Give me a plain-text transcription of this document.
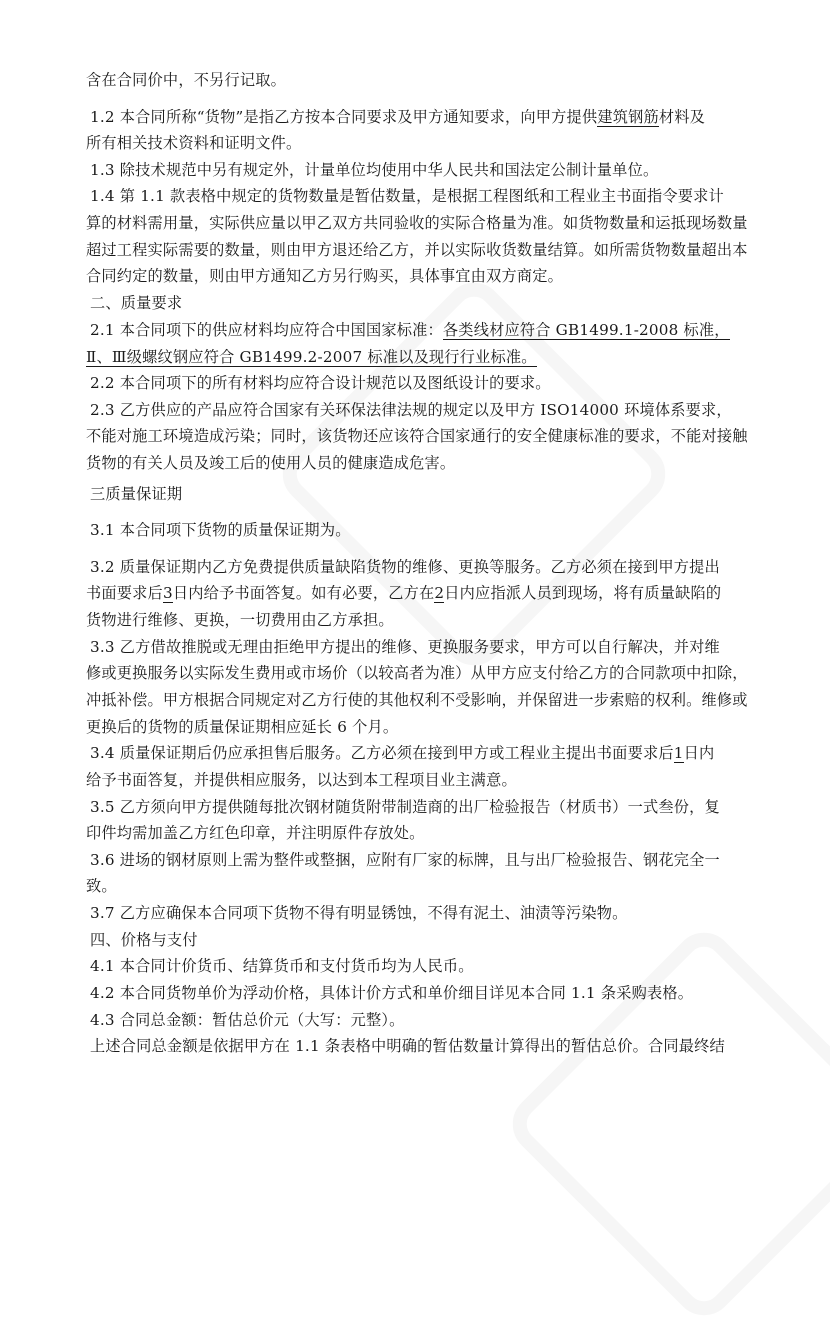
含在合同价中，不另行记取。
1.2 本合同所称“货物”是指乙方按本合同要求及甲方通知要求，向甲方提供建筑钢筋材料及
所有相关技术资料和证明文件。
1.3 除技术规范中另有规定外，计量单位均使用中华人民共和国法定公制计量单位。
1.4 第 1.1 款表格中规定的货物数量是暂估数量，是根据工程图纸和工程业主书面指令要求计
算的材料需用量，实际供应量以甲乙双方共同验收的实际合格量为准。如货物数量和运抵现场数量
超过工程实际需要的数量，则由甲方退还给乙方，并以实际收货数量结算。如所需货物数量超出本
合同约定的数量，则由甲方通知乙方另行购买，具体事宜由双方商定。
二、质量要求
2.1 本合同项下的供应材料均应符合中国国家标准：各类线材应符合 GB1499.1-2008 标准，
Ⅱ、Ⅲ级螺纹钢应符合 GB1499.2-2007 标准以及现行行业标准。
2.2 本合同项下的所有材料均应符合设计规范以及图纸设计的要求。
2.3 乙方供应的产品应符合国家有关环保法律法规的规定以及甲方 ISO14000 环境体系要求，
不能对施工环境造成污染；同时，该货物还应该符合国家通行的安全健康标准的要求，不能对接触
货物的有关人员及竣工后的使用人员的健康造成危害。
三质量保证期
3.1 本合同项下货物的质量保证期为。
3.2 质量保证期内乙方免费提供质量缺陷货物的维修、更换等服务。乙方必须在接到甲方提出
书面要求后3日内给予书面答复。如有必要，乙方在2日内应指派人员到现场，将有质量缺陷的
货物进行维修、更换，一切费用由乙方承担。
3.3 乙方借故推脱或无理由拒绝甲方提出的维修、更换服务要求，甲方可以自行解决，并对维
修或更换服务以实际发生费用或市场价（以较高者为准）从甲方应支付给乙方的合同款项中扣除，
冲抵补偿。甲方根据合同规定对乙方行使的其他权利不受影响，并保留进一步索赔的权利。维修或
更换后的货物的质量保证期相应延长 6 个月。
3.4 质量保证期后仍应承担售后服务。乙方必须在接到甲方或工程业主提出书面要求后1日内
给予书面答复，并提供相应服务，以达到本工程项目业主满意。
3.5 乙方须向甲方提供随每批次钢材随货附带制造商的出厂检验报告（材质书）一式叁份，复
印件均需加盖乙方红色印章，并注明原件存放处。
3.6 进场的钢材原则上需为整件或整捆，应附有厂家的标牌，且与出厂检验报告、钢花完全一
致。
3.7 乙方应确保本合同项下货物不得有明显锈蚀，不得有泥土、油渍等污染物。
四、价格与支付
4.1 本合同计价货币、结算货币和支付货币均为人民币。
4.2 本合同货物单价为浮动价格，具体计价方式和单价细目详见本合同 1.1 条采购表格。
4.3 合同总金额：暂估总价元（大写：元整）。
上述合同总金额是依据甲方在 1.1 条表格中明确的暂估数量计算得出的暂估总价。合同最终结
